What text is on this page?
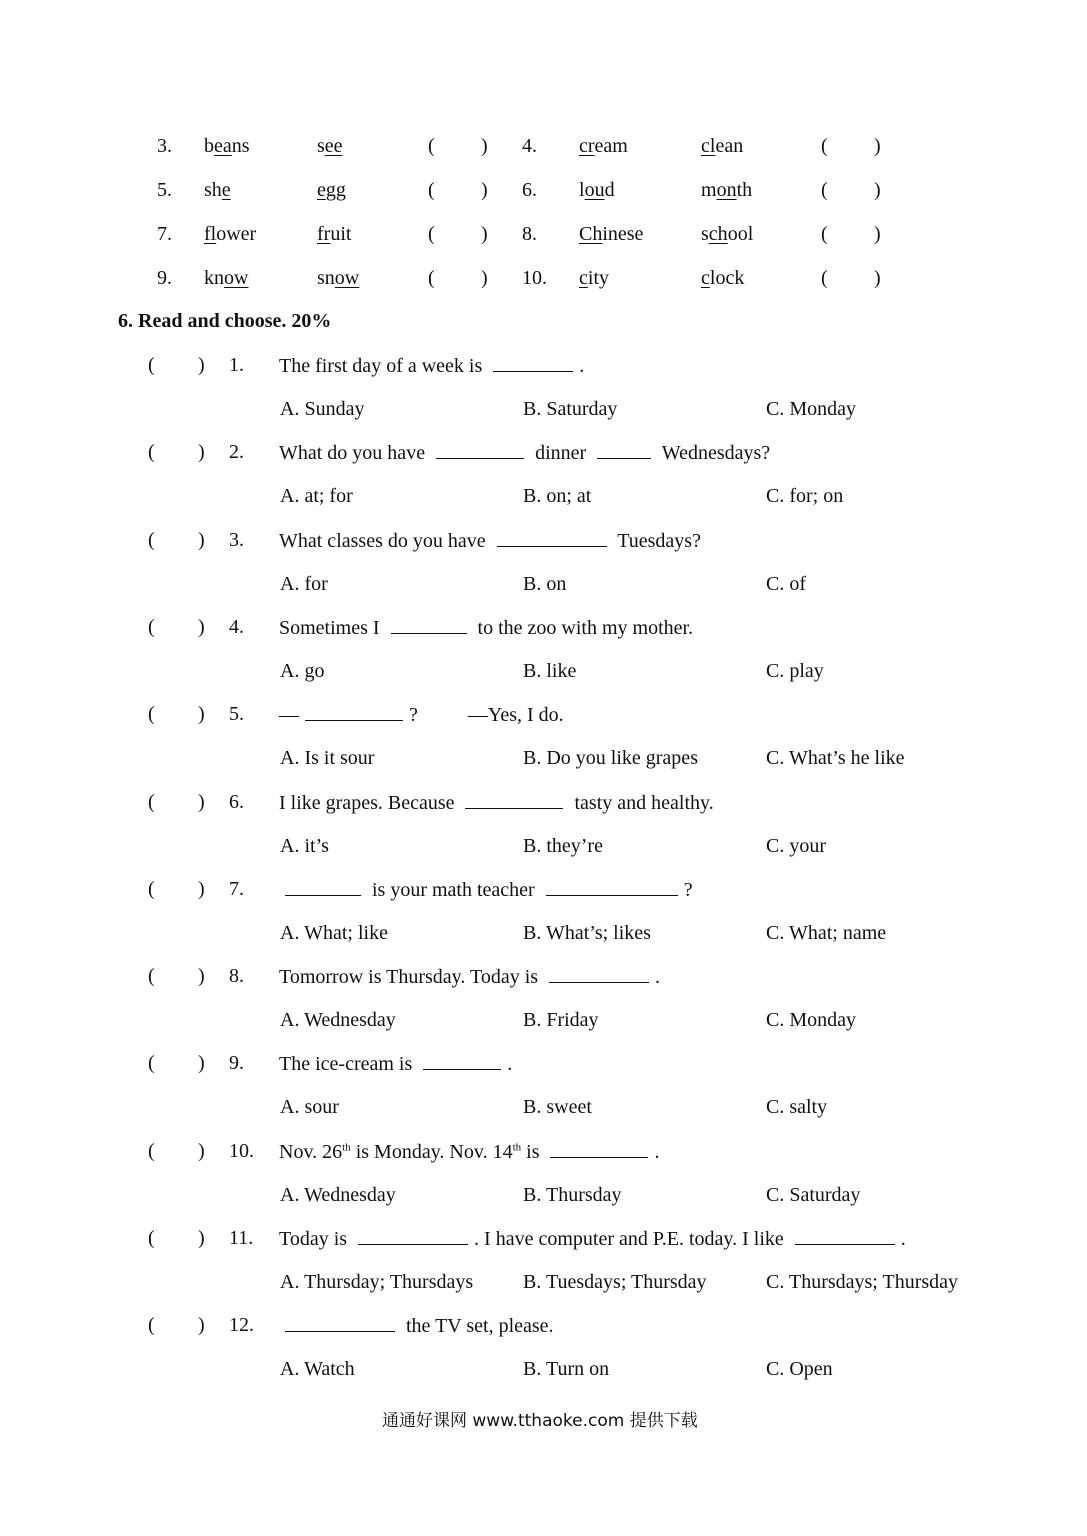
3. beans	see	( ) 4. cream	clean	( )
5. she	egg	( ) 6. loud	month	( )
7. flower	fruit	( ) 8. Chinese	school	( )
9. know	snow	( ) 10. city	clock	( )
6. Read and choose. 20%
( ) 1. The first day of a week is	.
A. Sunday	B. Saturday	C. Monday
( ) 2. What do you have	dinner	Wednesdays?
A. at; for	B. on; at	C. for; on
( ) 3. What classes do you have	Tuesdays?
A. for	B. on	C. of
( ) 4. Sometimes I	to the zoo with my mother.
A. go	B. like	C. play
( ) 5. —	?          —Yes, I do.
A. Is it sour	B. Do you like grapes	C. What’s he like
( ) 6. I like grapes. Because	tasty and healthy.
A. it’s	B. they’re	C. your
( ) 7.	is your math teacher	?
A. What; like	B. What’s; likes	C. What; name
( ) 8. Tomorrow is Thursday. Today is	.
A. Wednesday	B. Friday	C. Monday
( ) 9. The ice-cream is	.
A. sour	B. sweet	C. salty
( ) 10. Nov. 26th is Monday. Nov. 14th is	.
A. Wednesday	B. Thursday	C. Saturday
( ) 11. Today is	. I have computer and P.E. today. I like	.
A. Thursday; Thursdays B. Tuesdays; Thursday	C. Thursdays; Thursday
( ) 12.	the TV set, please.
A. Watch	B. Turn on	C. Open
通通好课网 www.tthaoke.com 提供下载
